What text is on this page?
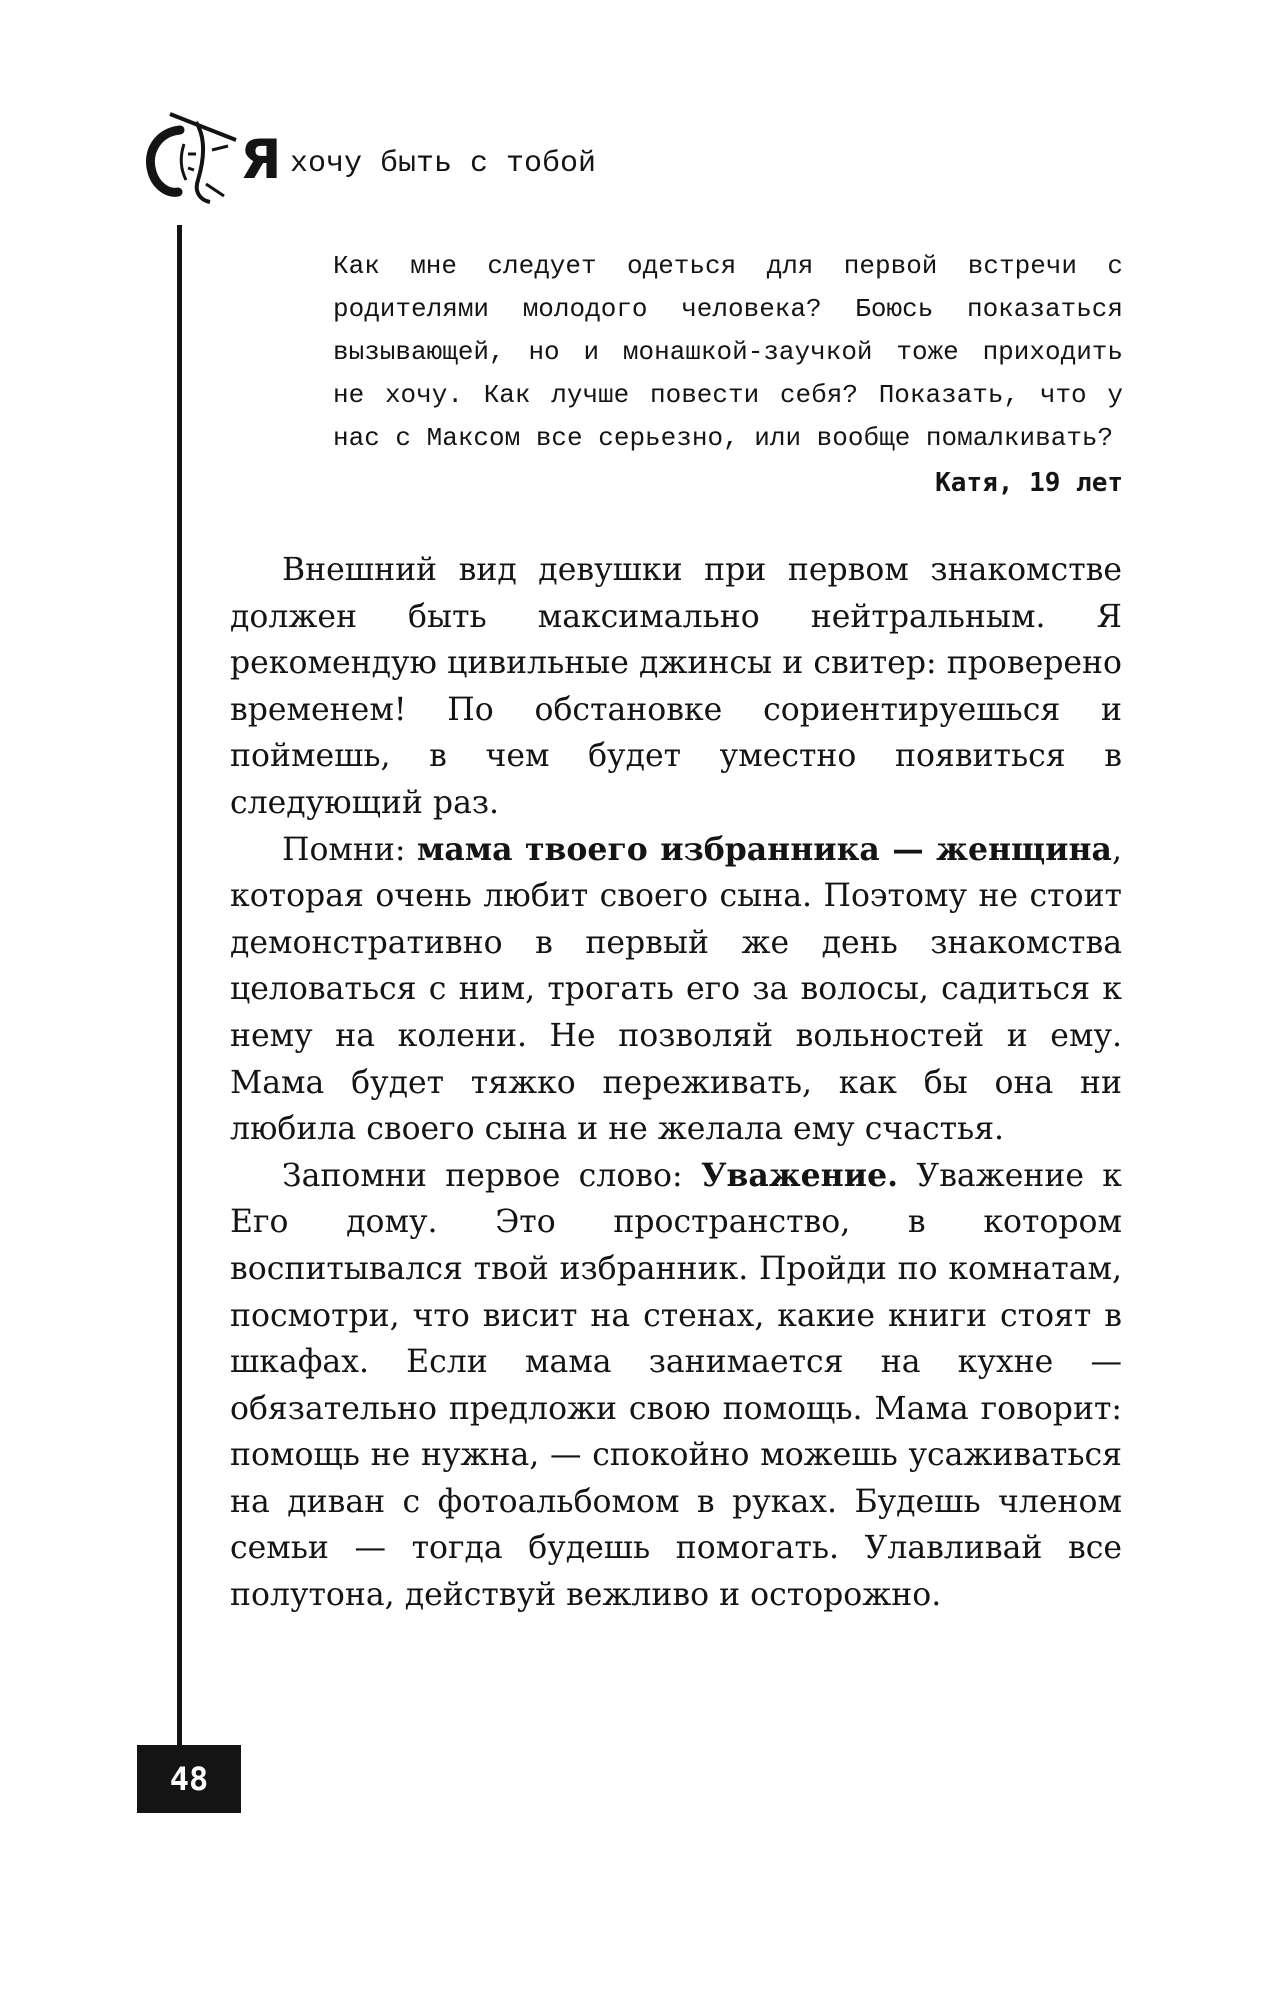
Я хочу быть с тобой

Как мне следует одеться для первой встречи с родителями молодого человека? Боюсь показаться вызывающей, но и монашкой-заучкой тоже приходить не хочу. Как лучше повести себя? Показать, что у нас с Максом все серьезно, или вообще помалкивать?

Катя, 19 лет

Внешний вид девушки при первом знакомстве должен быть максимально нейтральным. Я рекомендую цивильные джинсы и свитер: проверено временем! По обстановке сориентируешься и поймешь, в чем будет уместно появиться в следующий раз.

Помни: мама твоего избранника — женщина, которая очень любит своего сына. Поэтому не стоит демонстративно в первый же день знакомства целоваться с ним, трогать его за волосы, садиться к нему на колени. Не позволяй вольностей и ему. Мама будет тяжко переживать, как бы она ни любила своего сына и не желала ему счастья.

Запомни первое слово: Уважение. Уважение к Его дому. Это пространство, в котором воспитывался твой избранник. Пройди по комнатам, посмотри, что висит на стенах, какие книги стоят в шкафах. Если мама занимается на кухне — обязательно предложи свою помощь. Мама говорит: помощь не нужна, — спокойно можешь усаживаться на диван с фотоальбомом в руках. Будешь членом семьи — тогда будешь помогать. Улавливай все полутона, действуй вежливо и осторожно.

48
